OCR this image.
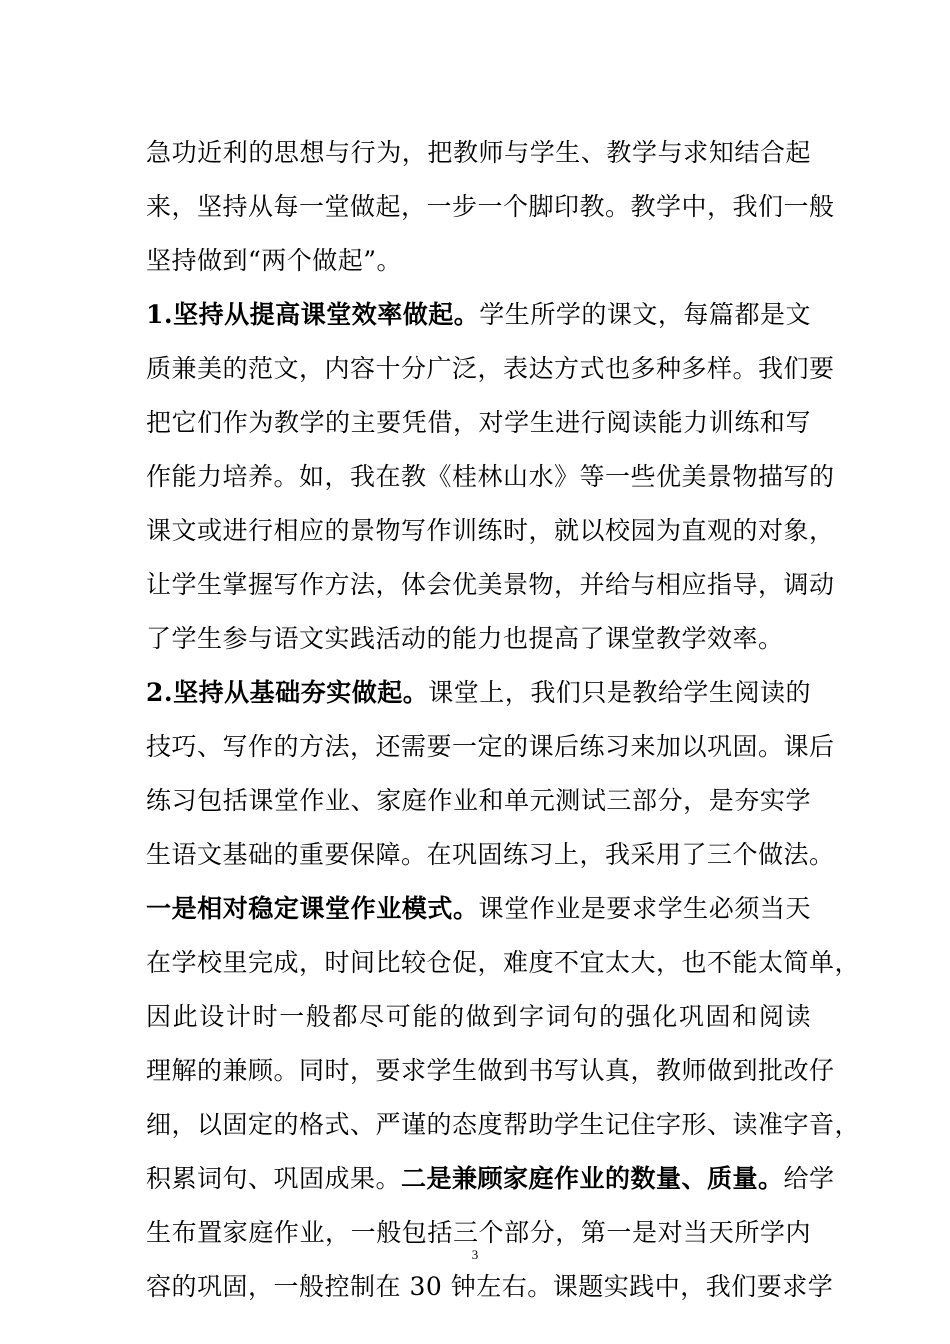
急功近利的思想与行为，把教师与学生、教学与求知结合起
来，坚持从每一堂做起，一步一个脚印教。教学中，我们一般
坚持做到“两个做起”。
1.坚持从提高课堂效率做起。学生所学的课文，每篇都是文
质兼美的范文，内容十分广泛，表达方式也多种多样。我们要
把它们作为教学的主要凭借，对学生进行阅读能力训练和写
作能力培养。如，我在教《桂林山水》等一些优美景物描写的
课文或进行相应的景物写作训练时，就以校园为直观的对象，
让学生掌握写作方法，体会优美景物，并给与相应指导，调动
了学生参与语文实践活动的能力也提高了课堂教学效率。
2.坚持从基础夯实做起。课堂上，我们只是教给学生阅读的
技巧、写作的方法，还需要一定的课后练习来加以巩固。课后
练习包括课堂作业、家庭作业和单元测试三部分，是夯实学
生语文基础的重要保障。在巩固练习上，我采用了三个做法。
一是相对稳定课堂作业模式。课堂作业是要求学生必须当天
在学校里完成，时间比较仓促，难度不宜太大，也不能太简单，
因此设计时一般都尽可能的做到字词句的强化巩固和阅读
理解的兼顾。同时，要求学生做到书写认真，教师做到批改仔
细，以固定的格式、严谨的态度帮助学生记住字形、读准字音，
积累词句、巩固成果。二是兼顾家庭作业的数量、质量。给学
生布置家庭作业，一般包括三个部分，第一是对当天所学内
容的巩固，一般控制在 30 钟左右。课题实践中，我们要求学
3
